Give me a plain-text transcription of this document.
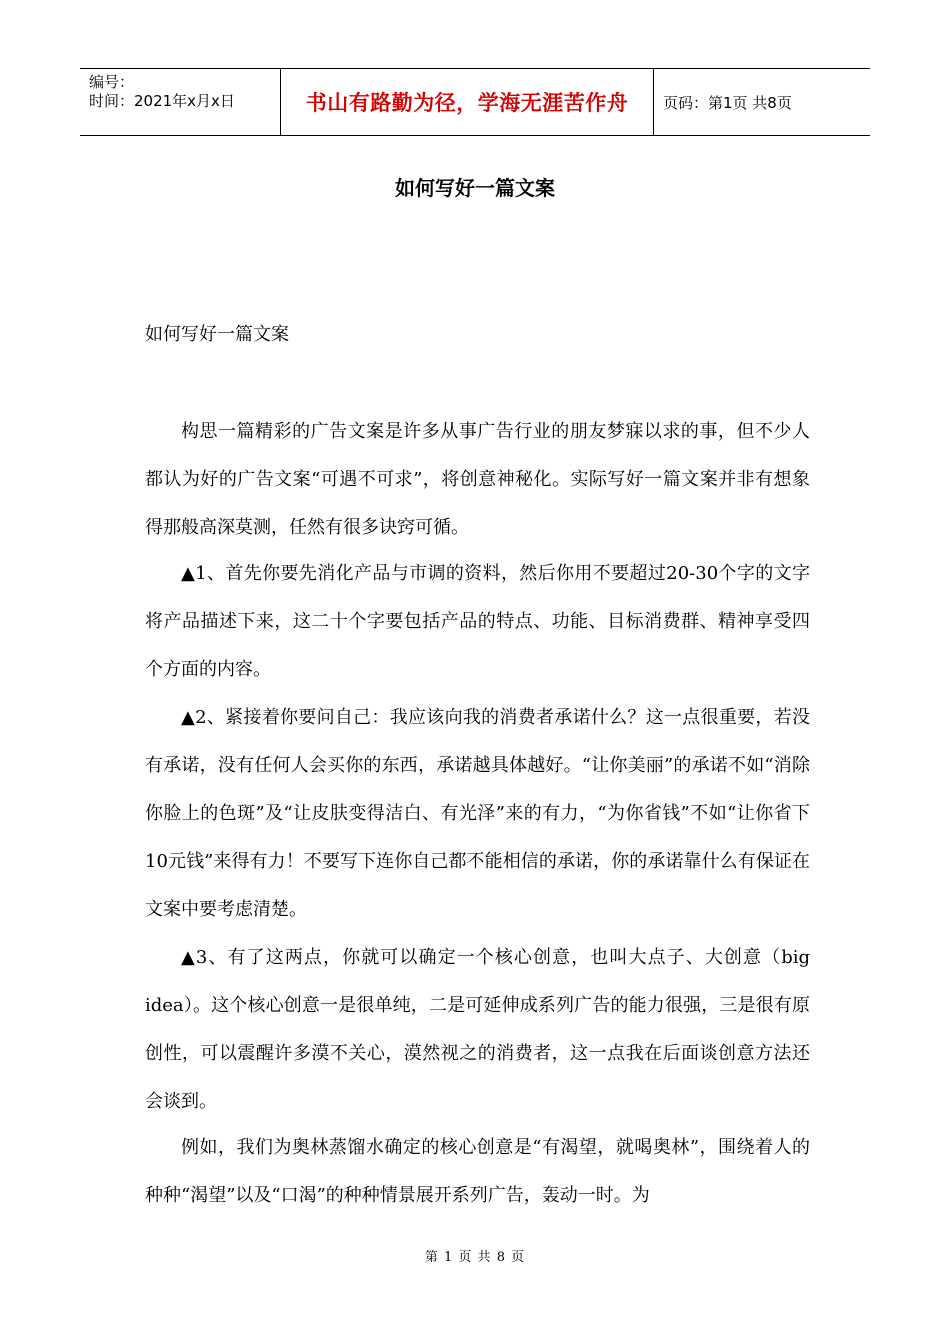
编号：
时间：2021年x月x日	书山有路勤为径，学海无涯苦作舟 页码：第1页 共8页
如何写好一篇文案
如何写好一篇文案

构思一篇精彩的广告文案是许多从事广告行业的朋友梦寐以求的事，但不少人都认为好的广告文案“可遇不可求”，将创意神秘化。实际写好一篇文案并非有想象得那般高深莫测，任然有很多诀窍可循。

▲1、首先你要先消化产品与市调的资料，然后你用不要超过20-30个字的文字将产品描述下来，这二十个字要包括产品的特点、功能、目标消费群、精神享受四个方面的内容。

▲2、紧接着你要问自己：我应该向我的消费者承诺什么？这一点很重要，若没有承诺，没有任何人会买你的东西，承诺越具体越好。“让你美丽”的承诺不如“消除你脸上的色斑”及“让皮肤变得洁白、有光泽”来的有力，“为你省钱”不如“让你省下10元钱”来得有力！不要写下连你自己都不能相信的承诺，你的承诺靠什么有保证在文案中要考虑清楚。

▲3、有了这两点，你就可以确定一个核心创意，也叫大点子、大创意（big idea）。这个核心创意一是很单纯，二是可延伸成系列广告的能力很强，三是很有原创性，可以震醒许多漠不关心，漠然视之的消费者，这一点我在后面谈创意方法还会谈到。

例如，我们为奥林蒸馏水确定的核心创意是“有渴望，就喝奥林”，围绕着人的种种“渴望”以及“口渴”的种种情景展开系列广告，轰动一时。为

第 1 页 共 8 页
